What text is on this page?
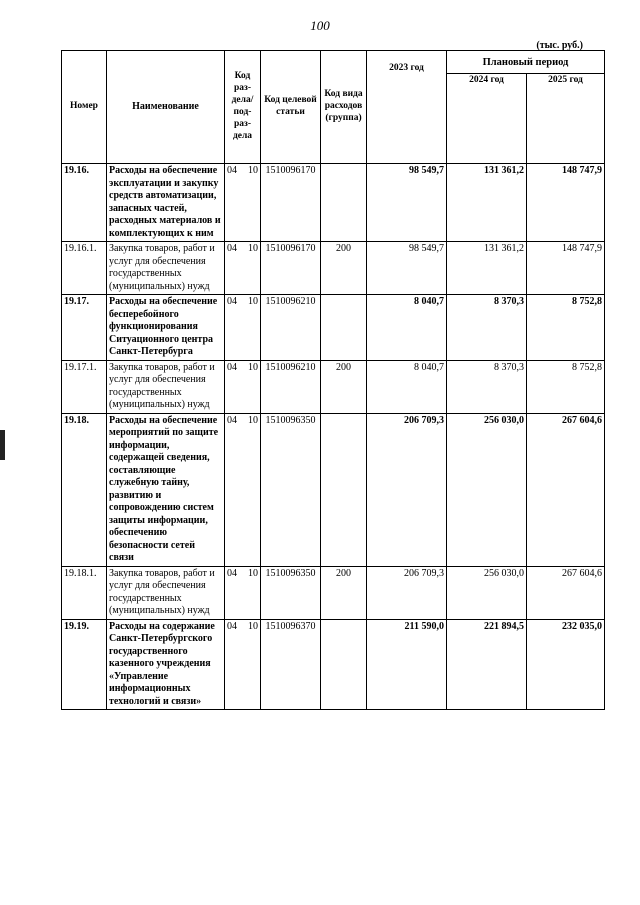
100
(тыс. руб.)
Номер	Наименование	Код раз-дела/ под-раз-дела		Код целевой статьи	Код вида расходов (группа)	2023 год	Плановый период	
							2024 год	2025 год
19.16.	Расходы на обеспечение эксплуатации и закупку средств автоматизации, запасных частей, расходных материалов и комплектующих к ним	04	10	1510096170		98 549,7	131 361,2	148 747,9
19.16.1.	Закупка товаров, работ и услуг для обеспечения государственных (муниципальных) нужд	04	10	1510096170	200	98 549,7	131 361,2	148 747,9
19.17.	Расходы на обеспечение бесперебойного функционирования Ситуационного центра Санкт-Петербурга	04	10	1510096210		8 040,7	8 370,3	8 752,8
19.17.1.	Закупка товаров, работ и услуг для обеспечения государственных (муниципальных) нужд	04	10	1510096210	200	8 040,7	8 370,3	8 752,8
19.18.	Расходы на обеспечение мероприятий по защите информации, содержащей сведения, составляющие служебную тайну, развитию и сопровождению систем защиты информации, обеспечению безопасности сетей связи	04	10	1510096350		206 709,3	256 030,0	267 604,6
19.18.1.	Закупка товаров, работ и услуг для обеспечения государственных (муниципальных) нужд	04	10	1510096350	200	206 709,3	256 030,0	267 604,6
19.19.	Расходы на содержание Санкт-Петербургского государственного казенного учреждения «Управление информационных технологий и связи»	04	10	1510096370		211 590,0	221 894,5	232 035,0
